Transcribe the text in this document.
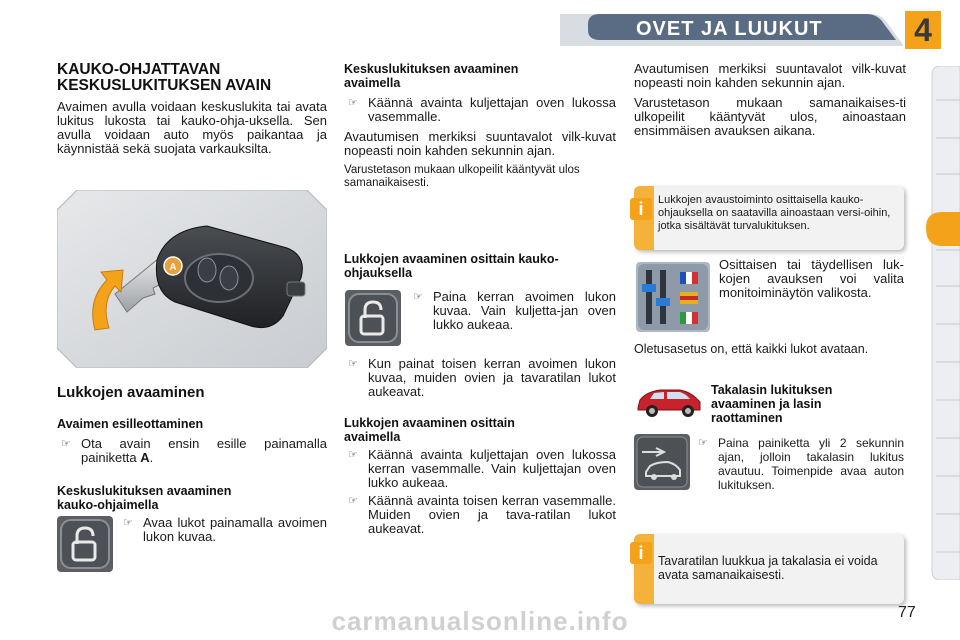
OVET JA LUUKUT	4
KAUKO-OHJATTAVAN
KESKUSLUKITUKSEN AVAIN

Avaimen avulla voidaan keskuslukita tai avata lukitus lukosta tai kauko-ohja-uksella. Sen avulla voidaan auto myös paikantaa ja käynnistää sekä suojata varkauksilta.

A
Lukkojen avaaminen
Avaimen esilleottaminen
☞ Ota avain ensin esille painamalla painiketta A.
Keskuslukituksen avaaminen
kauko-ohjaimella
☞ Avaa lukot painamalla avoimen lukon kuvaa.
Keskuslukituksen avaaminen
avaimella
☞ Käännä avainta kuljettajan oven lukossa vasemmalle.

Avautumisen merkiksi suuntavalot vilk-kuvat nopeasti noin kahden sekunnin ajan.

Varustetason mukaan ulkopeilit kääntyvät ulos samanaikaisesti.

Lukkojen avaaminen osittain kauko-
ohjauksella
☞ Paina kerran avoimen lukon kuvaa. Vain kuljetta-jan oven lukko aukeaa.
☞ Kun painat toisen kerran avoimen lukon kuvaa, muiden ovien ja tavaratilan lukot aukeavat.
Lukkojen avaaminen osittain
avaimella
☞ Käännä avainta kuljettajan oven lukossa kerran vasemmalle. Vain kuljettajan oven lukko aukeaa.
☞ Käännä avainta toisen kerran vasemmalle. Muiden ovien ja tava-ratilan lukot aukeavat.

Avautumisen merkiksi suuntavalot vilk-kuvat nopeasti noin kahden sekunnin ajan.

Varustetason mukaan samanaikaises-ti ulkopeilit kääntyvät ulos, ainoastaan ensimmäisen avauksen aikana.

i	Lukkojen avaustoiminto osittaisella kauko-ohjauksella on saatavilla ainoastaan versi-oihin, jotka sisältävät turvalukituksen.

Osittaisen tai täydellisen luk-kojen avauksen voi valita monitoiminäytön valikosta.

Oletusasetus on, että kaikki lukot avataan.

Takalasin lukituksen
avaaminen ja lasin
raottaminen
☞ Paina painiketta yli 2 sekunnin ajan, jolloin takalasin lukitus avautuu. Toimenpide avaa auton lukituksen.
i	Tavaratilan luukkua ja takalasia ei voida avata samanaikaisesti.
carmanualsonline.info	77
